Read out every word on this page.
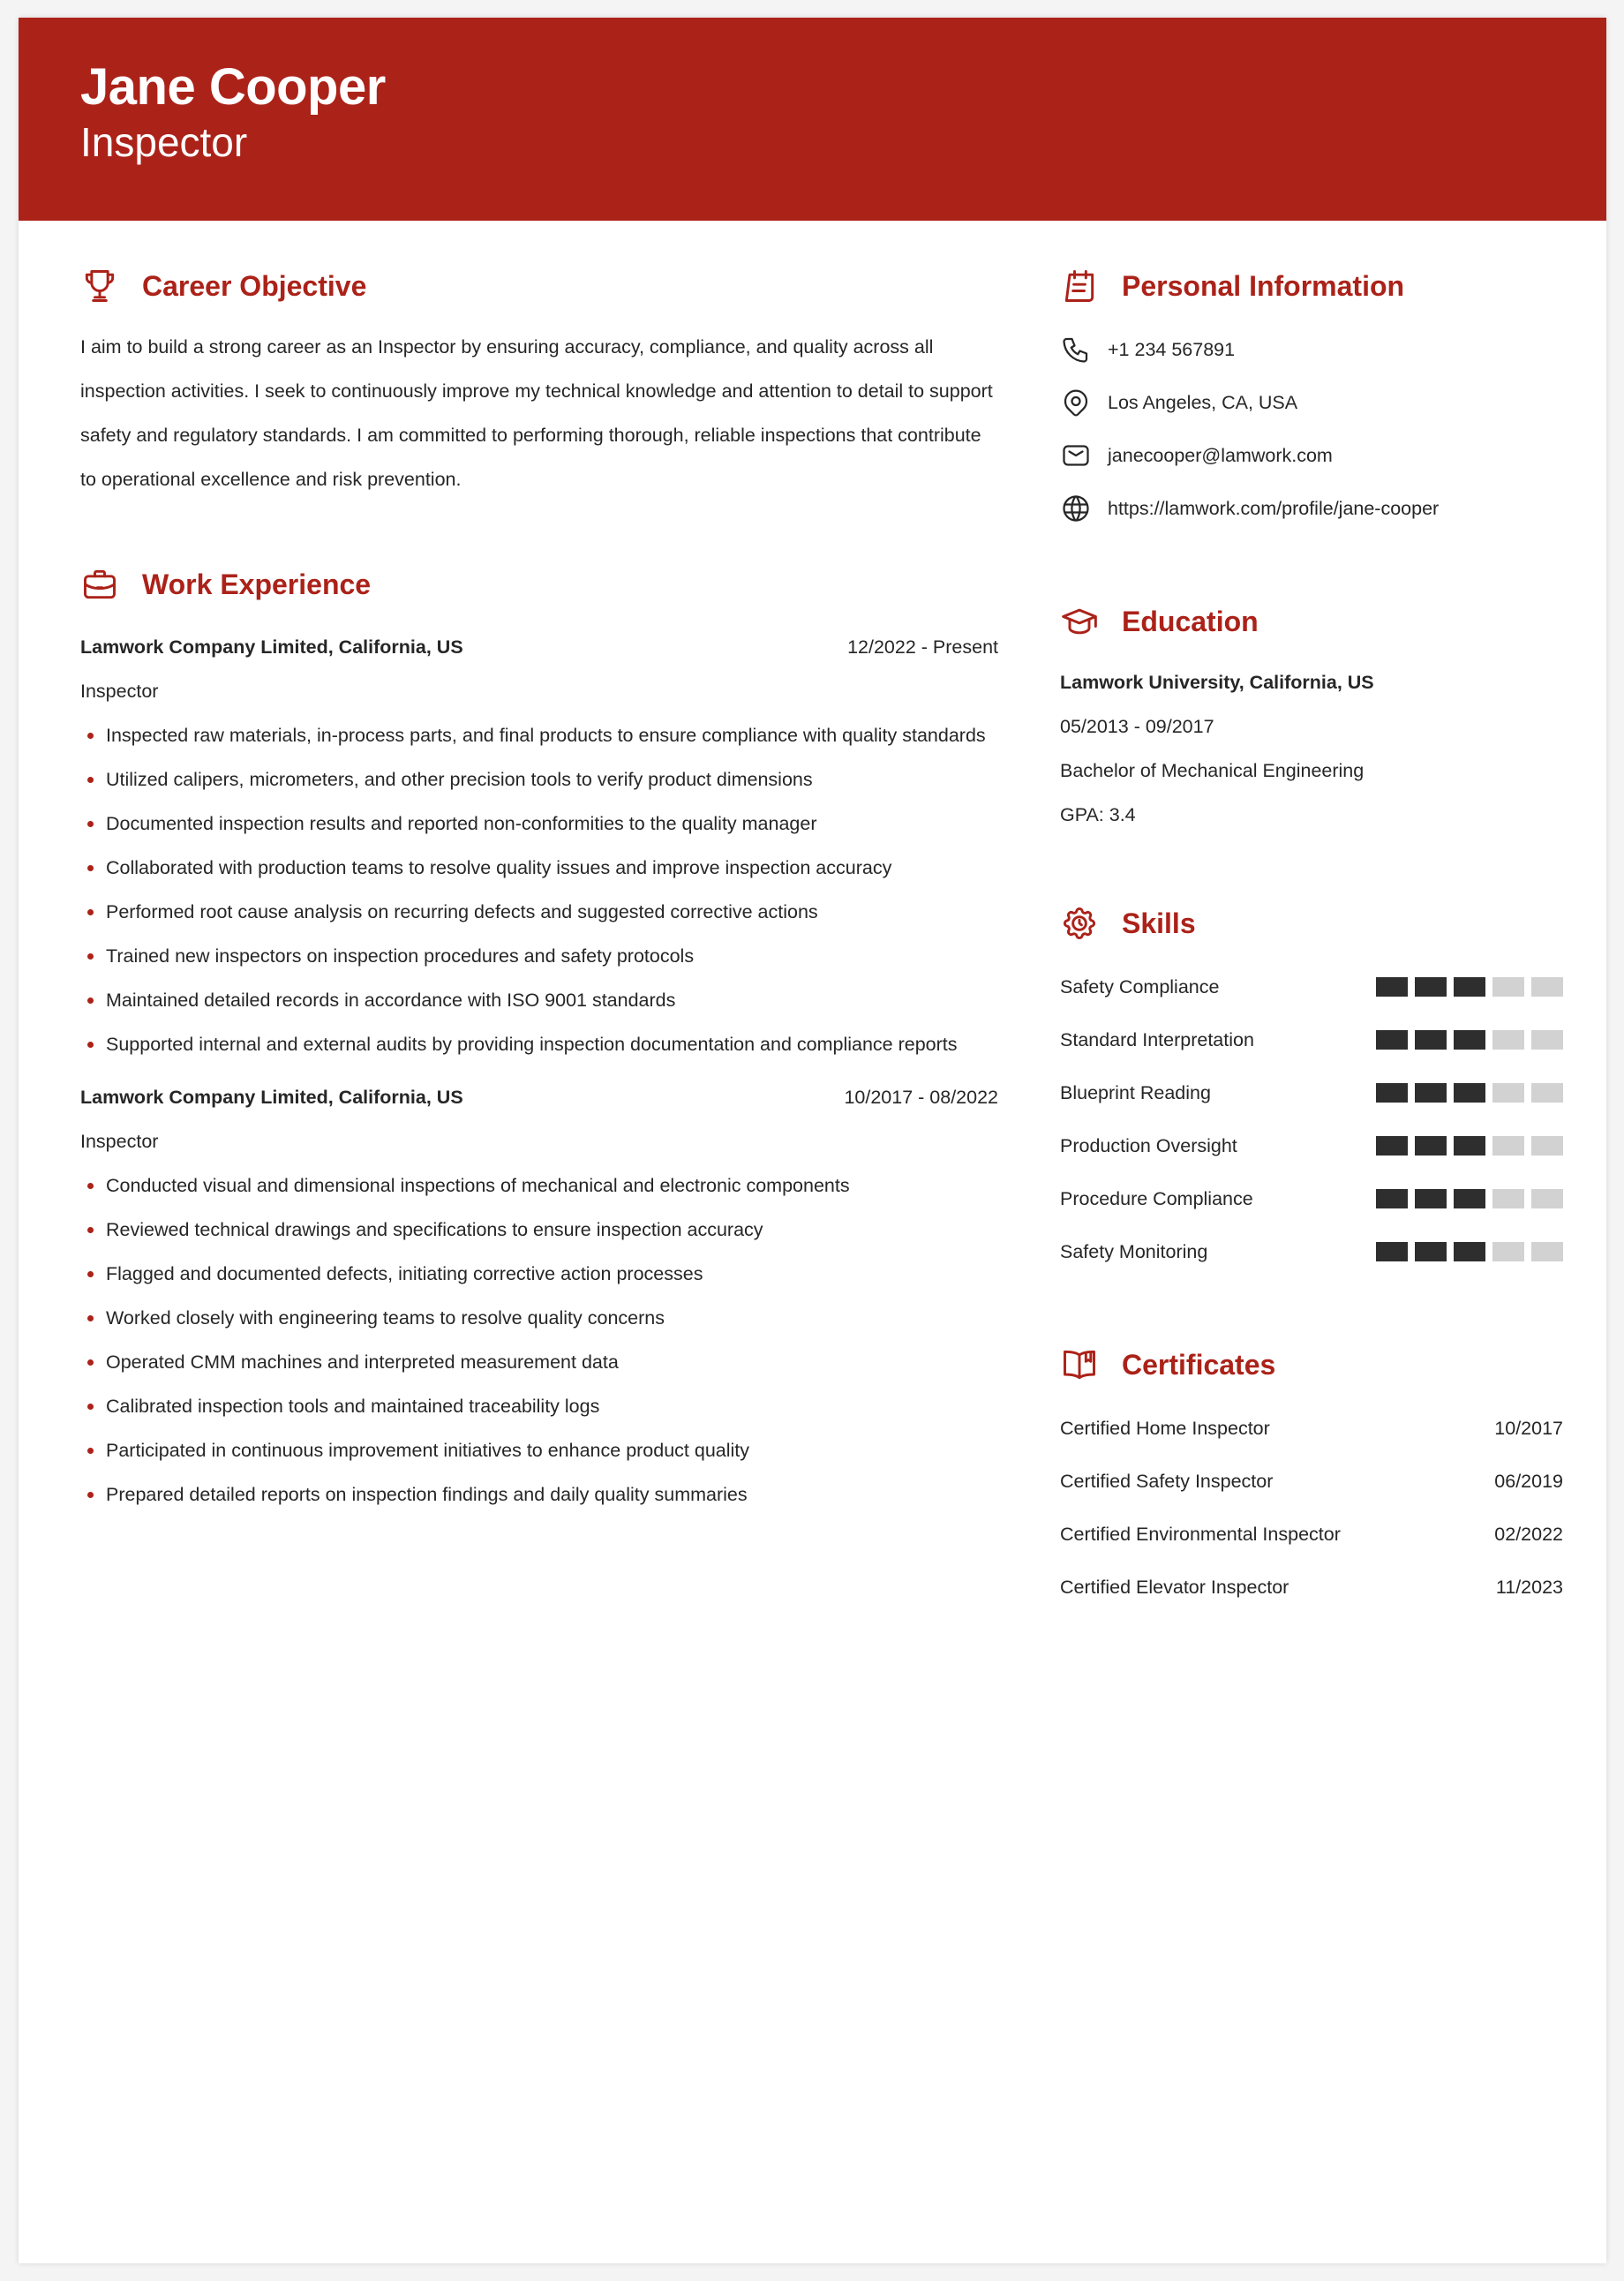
Jane Cooper
Inspector
Career Objective
I aim to build a strong career as an Inspector by ensuring accuracy, compliance, and quality across all
inspection activities. I seek to continuously improve my technical knowledge and attention to detail to support
safety and regulatory standards. I am committed to performing thorough, reliable inspections that contribute
to operational excellence and risk prevention.
Work Experience
Lamwork Company Limited, California, US	12/2022 - Present
Inspector
Inspected raw materials, in-process parts, and final products to ensure compliance with quality standards
Utilized calipers, micrometers, and other precision tools to verify product dimensions
Documented inspection results and reported non-conformities to the quality manager
Collaborated with production teams to resolve quality issues and improve inspection accuracy
Performed root cause analysis on recurring defects and suggested corrective actions
Trained new inspectors on inspection procedures and safety protocols
Maintained detailed records in accordance with ISO 9001 standards
Supported internal and external audits by providing inspection documentation and compliance reports
Lamwork Company Limited, California, US	10/2017 - 08/2022
Inspector
Conducted visual and dimensional inspections of mechanical and electronic components
Reviewed technical drawings and specifications to ensure inspection accuracy
Flagged and documented defects, initiating corrective action processes
Worked closely with engineering teams to resolve quality concerns
Operated CMM machines and interpreted measurement data
Calibrated inspection tools and maintained traceability logs
Participated in continuous improvement initiatives to enhance product quality
Prepared detailed reports on inspection findings and daily quality summaries
Personal Information
+1 234 567891
Los Angeles, CA, USA
janecooper@lamwork.com
https://lamwork.com/profile/jane-cooper
Education
Lamwork University, California, US
05/2013 - 09/2017
Bachelor of Mechanical Engineering
GPA: 3.4
Skills
Safety Compliance
Standard Interpretation
Blueprint Reading
Production Oversight
Procedure Compliance
Safety Monitoring
Certificates
Certified Home Inspector	10/2017
Certified Safety Inspector	06/2019
Certified Environmental Inspector	02/2022
Certified Elevator Inspector	11/2023
